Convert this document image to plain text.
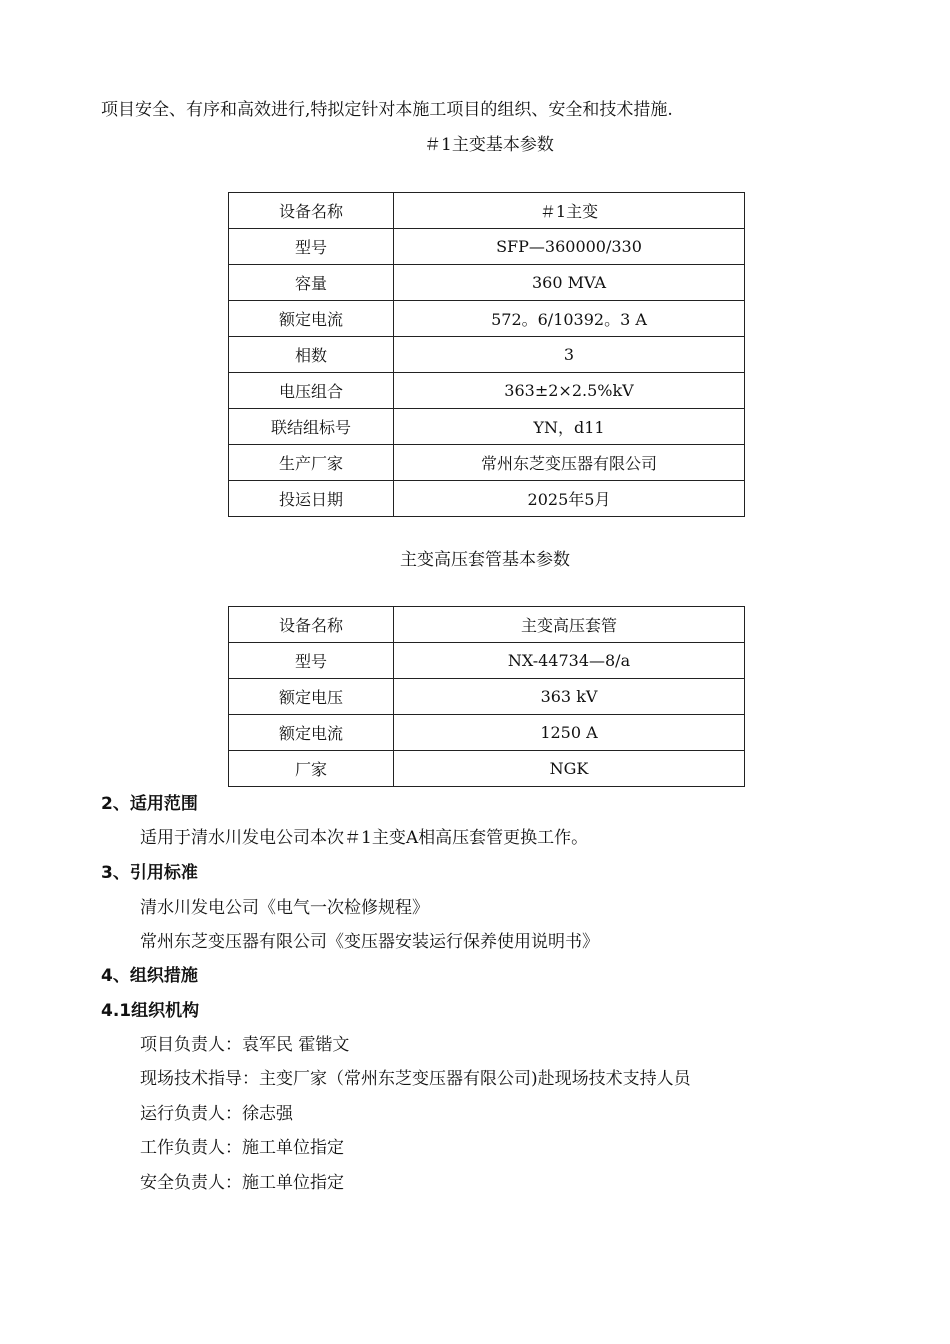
项目安全、有序和高效进行,特拟定针对本施工项目的组织、安全和技术措施.
＃1主变基本参数
设备名称	＃1主变
型号	SFP—360000/330
容量	360 MVA
额定电流	572。6/10392。3 A
相数	3
电压组合	363±2×2.5%kV
联结组标号	YN，d11
生产厂家	常州东芝变压器有限公司
投运日期	2025年5月
主变高压套管基本参数
设备名称	主变高压套管
型号	NX-44734—8/a
额定电压	363 kV
额定电流	1250 A
厂家	NGK
2、适用范围
适用于清水川发电公司本次＃1主变A相高压套管更换工作。
3、引用标准
清水川发电公司《电气一次检修规程》
常州东芝变压器有限公司《变压器安装运行保养使用说明书》
4、组织措施
4.1组织机构
项目负责人：袁军民 霍锴文
现场技术指导：主变厂家（常州东芝变压器有限公司)赴现场技术支持人员
运行负责人：徐志强
工作负责人：施工单位指定
安全负责人：施工单位指定
